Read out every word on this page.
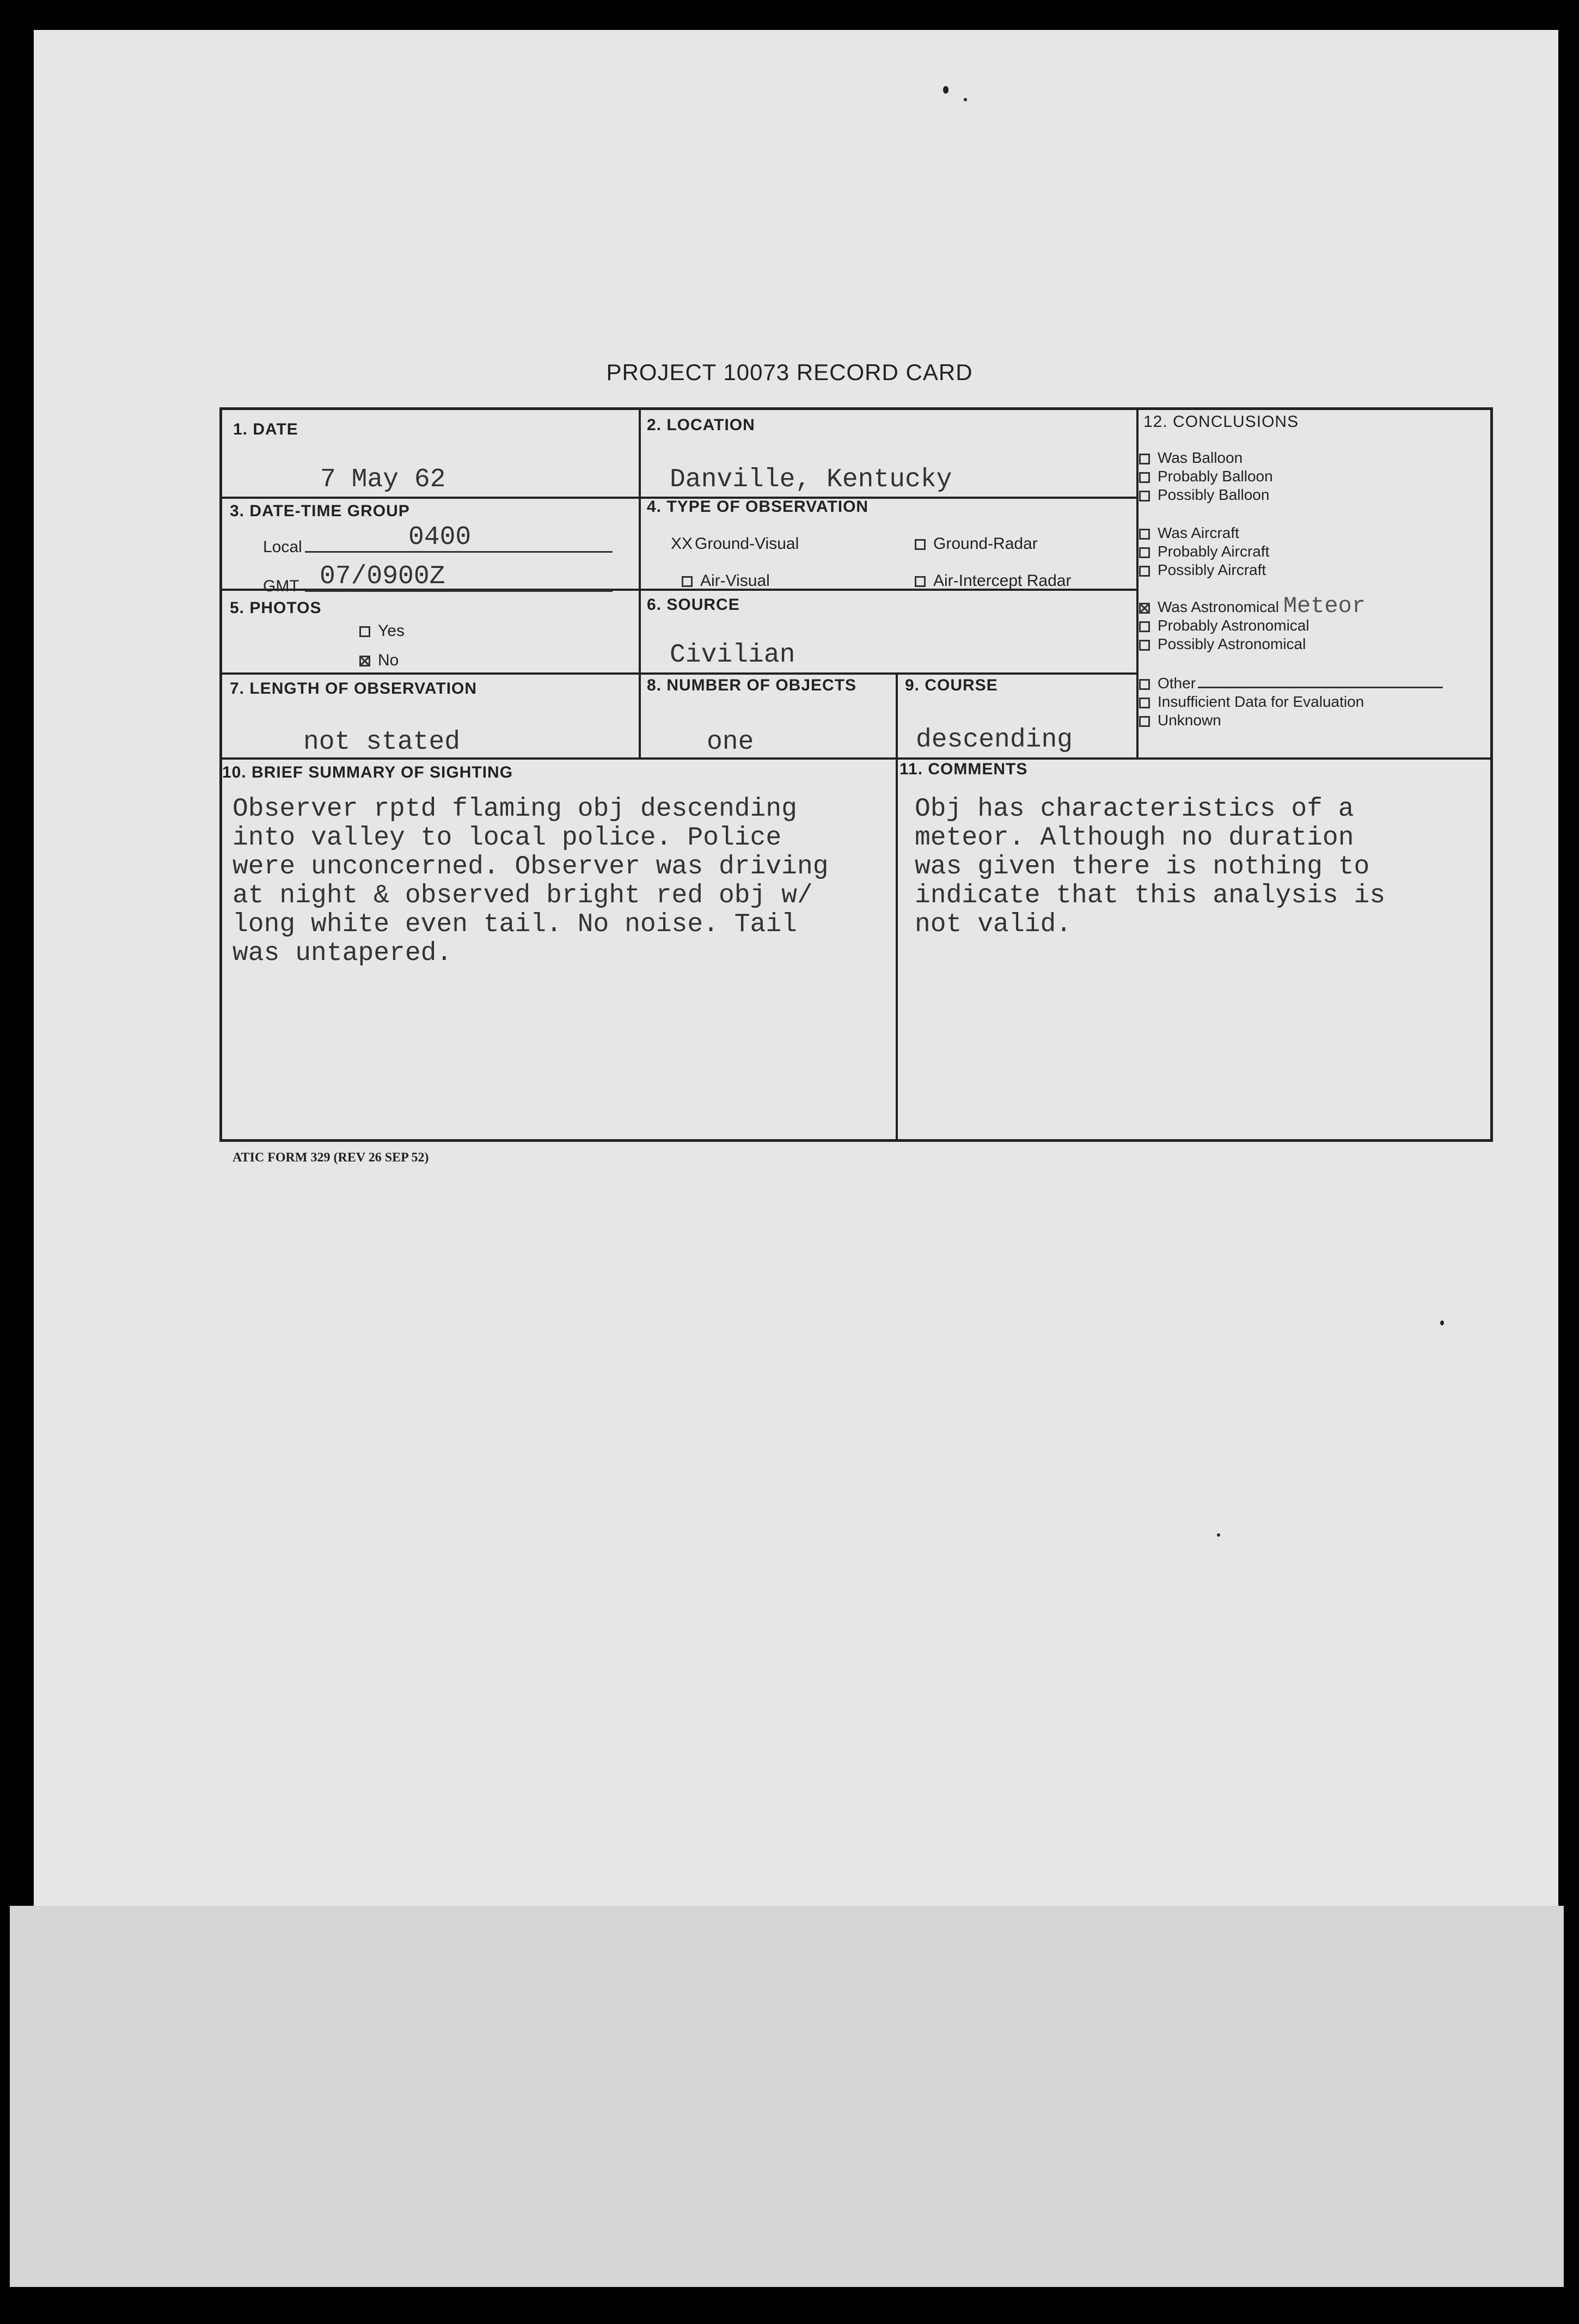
PROJECT 10073 RECORD CARD
1. DATE
7 May 62
2. LOCATION
Danville, Kentucky
3. DATE-TIME GROUP
Local	0400
GMT 07/0900Z
4. TYPE OF OBSERVATION
XX Ground-Visual	Ground-Radar
Air-Visual	Air-Intercept Radar
5. PHOTOS
Yes
No
6. SOURCE
Civilian
7. LENGTH OF OBSERVATION
not stated
8. NUMBER OF OBJECTS
one
9. COURSE
descending
10. BRIEF SUMMARY OF SIGHTING
Observer rptd flaming obj descending
into valley to local police. Police
were unconcerned. Observer was driving
at night & observed bright red obj w/
long white even tail. No noise. Tail
was untapered.
11. COMMENTS
Obj has characteristics of a
meteor. Although no duration
was given there is nothing to
indicate that this analysis is
not valid.
12. CONCLUSIONS
Was Balloon
Probably Balloon
Possibly Balloon
Was Aircraft
Probably Aircraft
Possibly Aircraft
Was Astronomical Meteor
Probably Astronomical
Possibly Astronomical
Other
Insufficient Data for Evaluation
Unknown
ATIC FORM 329 (REV 26 SEP 52)
